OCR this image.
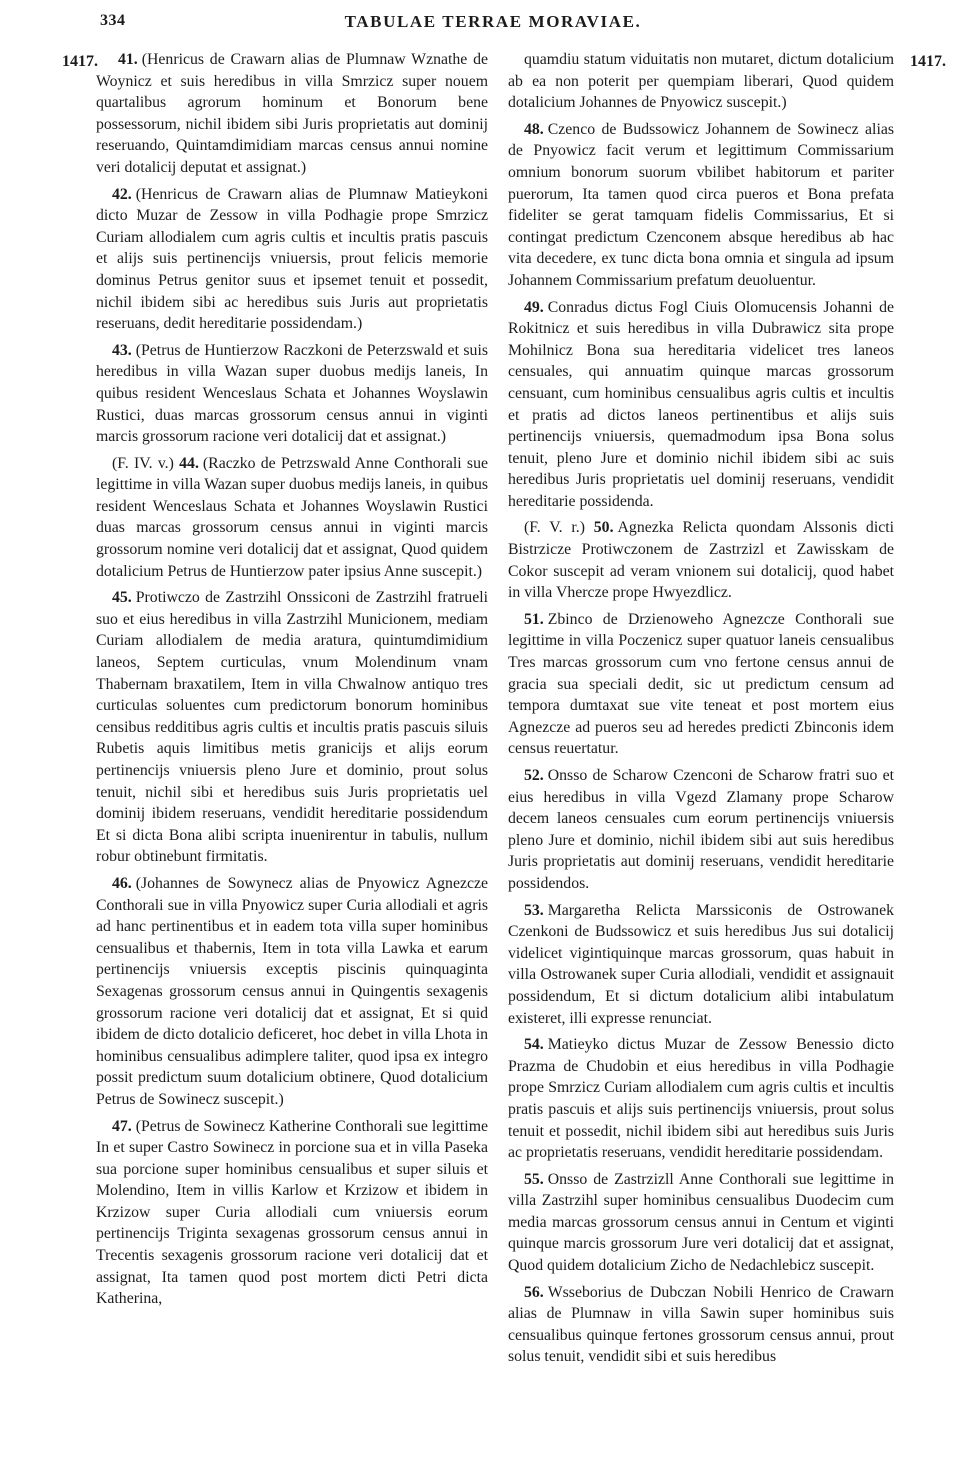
334	TABULAE TERRAE MORAVIAE.
1417.	1417.

41. (Henricus de Crawarn alias de Plumnaw Wznathe de Woynicz et suis heredibus in villa Smrzicz super nouem quartalibus agrorum hominum et Bonorum bene possessorum, nichil ibidem sibi Juris proprietatis aut dominij reseruando, Quintamdimidiam marcas census annui nomine veri dotalicij deputat et assignat.)

42. (Henricus de Crawarn alias de Plumnaw Matieykoni dicto Muzar de Zessow in villa Podhagie prope Smrzicz Curiam allodialem cum agris cultis et incultis pratis pascuis et alijs suis pertinencijs vniuersis, prout felicis memorie dominus Petrus genitor suus et ipsemet tenuit et possedit, nichil ibidem sibi ac heredibus suis Juris aut proprietatis reseruans, dedit hereditarie possidendam.)

43. (Petrus de Huntierzow Raczkoni de Peterzswald et suis heredibus in villa Wazan super duobus medijs laneis, In quibus resident Wenceslaus Schata et Johannes Woyslawin Rustici, duas marcas grossorum census annui in viginti marcis grossorum racione veri dotalicij dat et assignat.)

(F. IV. v.) 44. (Raczko de Petrzswald Anne Conthorali sue legittime in villa Wazan super duobus medijs laneis, in quibus resident Wenceslaus Schata et Johannes Woyslawin Rustici duas marcas grossorum census annui in viginti marcis grossorum nomine veri dotalicij dat et assignat, Quod quidem dotalicium Petrus de Huntierzow pater ipsius Anne suscepit.)

45. Protiwczo de Zastrzihl Onssiconi de Zastrzihl fratrueli suo et eius heredibus in villa Zastrzihl Municionem, mediam Curiam allodialem de media aratura, quintumdimidium laneos, Septem curticulas, vnum Molendinum vnam Thabernam braxatilem, Item in villa Chwalnow antiquo tres curticulas soluentes cum predictorum bonorum hominibus censibus redditibus agris cultis et incultis pratis pascuis siluis Rubetis aquis limitibus metis granicijs et alijs eorum pertinencijs vniuersis pleno Jure et dominio, prout solus tenuit, nichil sibi et heredibus suis Juris proprietatis uel dominij ibidem reseruans, vendidit hereditarie possidendum Et si dicta Bona alibi scripta inuenirentur in tabulis, nullum robur obtinebunt firmitatis.

46. (Johannes de Sowynecz alias de Pnyowicz Agnezcze Conthorali sue in villa Pnyowicz super Curia allodiali et agris ad hanc pertinentibus et in eadem tota villa super hominibus censualibus et thabernis, Item in tota villa Lawka et earum pertinencijs vniuersis exceptis piscinis quinquaginta Sexagenas grossorum census annui in Quingentis sexagenis grossorum racione veri dotalicij dat et assignat, Et si quid ibidem de dicto dotalicio deficeret, hoc debet in villa Lhota in hominibus censualibus adimplere taliter, quod ipsa ex integro possit predictum suum dotalicium obtinere, Quod dotalicium Petrus de Sowinecz suscepit.)

47. (Petrus de Sowinecz Katherine Conthorali sue legittime In et super Castro Sowinecz in porcione sua et in villa Paseka sua porcione super hominibus censualibus et super siluis et Molendino, Item in villis Karlow et Krzizow et ibidem in Krzizow super Curia allodiali cum vniuersis eorum pertinencijs Triginta sexagenas grossorum census annui in Trecentis sexagenis grossorum racione veri dotalicij dat et assignat, Ita tamen quod post mortem dicti Petri dicta Katherina,

quamdiu statum viduitatis non mutaret, dictum dotalicium ab ea non poterit per quempiam liberari, Quod quidem dotalicium Johannes de Pnyowicz suscepit.)

48. Czenco de Budssowicz Johannem de Sowinecz alias de Pnyowicz facit verum et legittimum Commissarium omnium bonorum suorum vbilibet habitorum et pariter puerorum, Ita tamen quod circa pueros et Bona prefata fideliter se gerat tamquam fidelis Commissarius, Et si contingat predictum Czenconem absque heredibus ab hac vita decedere, ex tunc dicta bona omnia et singula ad ipsum Johannem Commissarium prefatum deuoluentur.

49. Conradus dictus Fogl Ciuis Olomucensis Johanni de Rokitnicz et suis heredibus in villa Dubrawicz sita prope Mohilnicz Bona sua hereditaria videlicet tres laneos censuales, qui annuatim quinque marcas grossorum censuant, cum hominibus censualibus agris cultis et incultis et pratis ad dictos laneos pertinentibus et alijs suis pertinencijs vniuersis, quemadmodum ipsa Bona solus tenuit, pleno Jure et dominio nichil ibidem sibi ac suis heredibus Juris proprietatis uel dominij reseruans, vendidit hereditarie possidenda.

(F. V. r.) 50. Agnezka Relicta quondam Alssonis dicti Bistrzicze Protiwczonem de Zastrzizl et Zawisskam de Cokor suscepit ad veram vnionem sui dotalicij, quod habet in villa Vhercze prope Hwyezdlicz.

51. Zbinco de Drzienoweho Agnezcze Conthorali sue legittime in villa Poczenicz super quatuor laneis censualibus Tres marcas grossorum cum vno fertone census annui de gracia sua speciali dedit, sic ut predictum censum ad tempora dumtaxat sue vite teneat et post mortem eius Agnezcze ad pueros seu ad heredes predicti Zbinconis idem census reuertatur.

52. Onsso de Scharow Czenconi de Scharow fratri suo et eius heredibus in villa Vgezd Zlamany prope Scharow decem laneos censuales cum eorum pertinencijs vniuersis pleno Jure et dominio, nichil ibidem sibi aut suis heredibus Juris proprietatis aut dominij reseruans, vendidit hereditarie possidendos.

53. Margaretha Relicta Marssiconis de Ostrowanek Czenkoni de Budssowicz et suis heredibus Jus sui dotalicij videlicet vigintiquinque marcas grossorum, quas habuit in villa Ostrowanek super Curia allodiali, vendidit et assignauit possidendum, Et si dictum dotalicium alibi intabulatum existeret, illi expresse renunciat.

54. Matieyko dictus Muzar de Zessow Benessio dicto Prazma de Chudobin et eius heredibus in villa Podhagie prope Smrzicz Curiam allodialem cum agris cultis et incultis pratis pascuis et alijs suis pertinencijs vniuersis, prout solus tenuit et possedit, nichil ibidem sibi aut heredibus suis Juris ac proprietatis reseruans, vendidit hereditarie possidendam.

55. Onsso de Zastrzizll Anne Conthorali sue legittime in villa Zastrzihl super hominibus censualibus Duodecim cum media marcas grossorum census annui in Centum et viginti quinque marcis grossorum Jure veri dotalicij dat et assignat, Quod quidem dotalicium Zicho de Nedachlebicz suscepit.

56. Wsseborius de Dubczan Nobili Henrico de Crawarn alias de Plumnaw in villa Sawin super hominibus suis censualibus quinque fertones grossorum census annui, prout solus tenuit, vendidit sibi et suis heredibus
